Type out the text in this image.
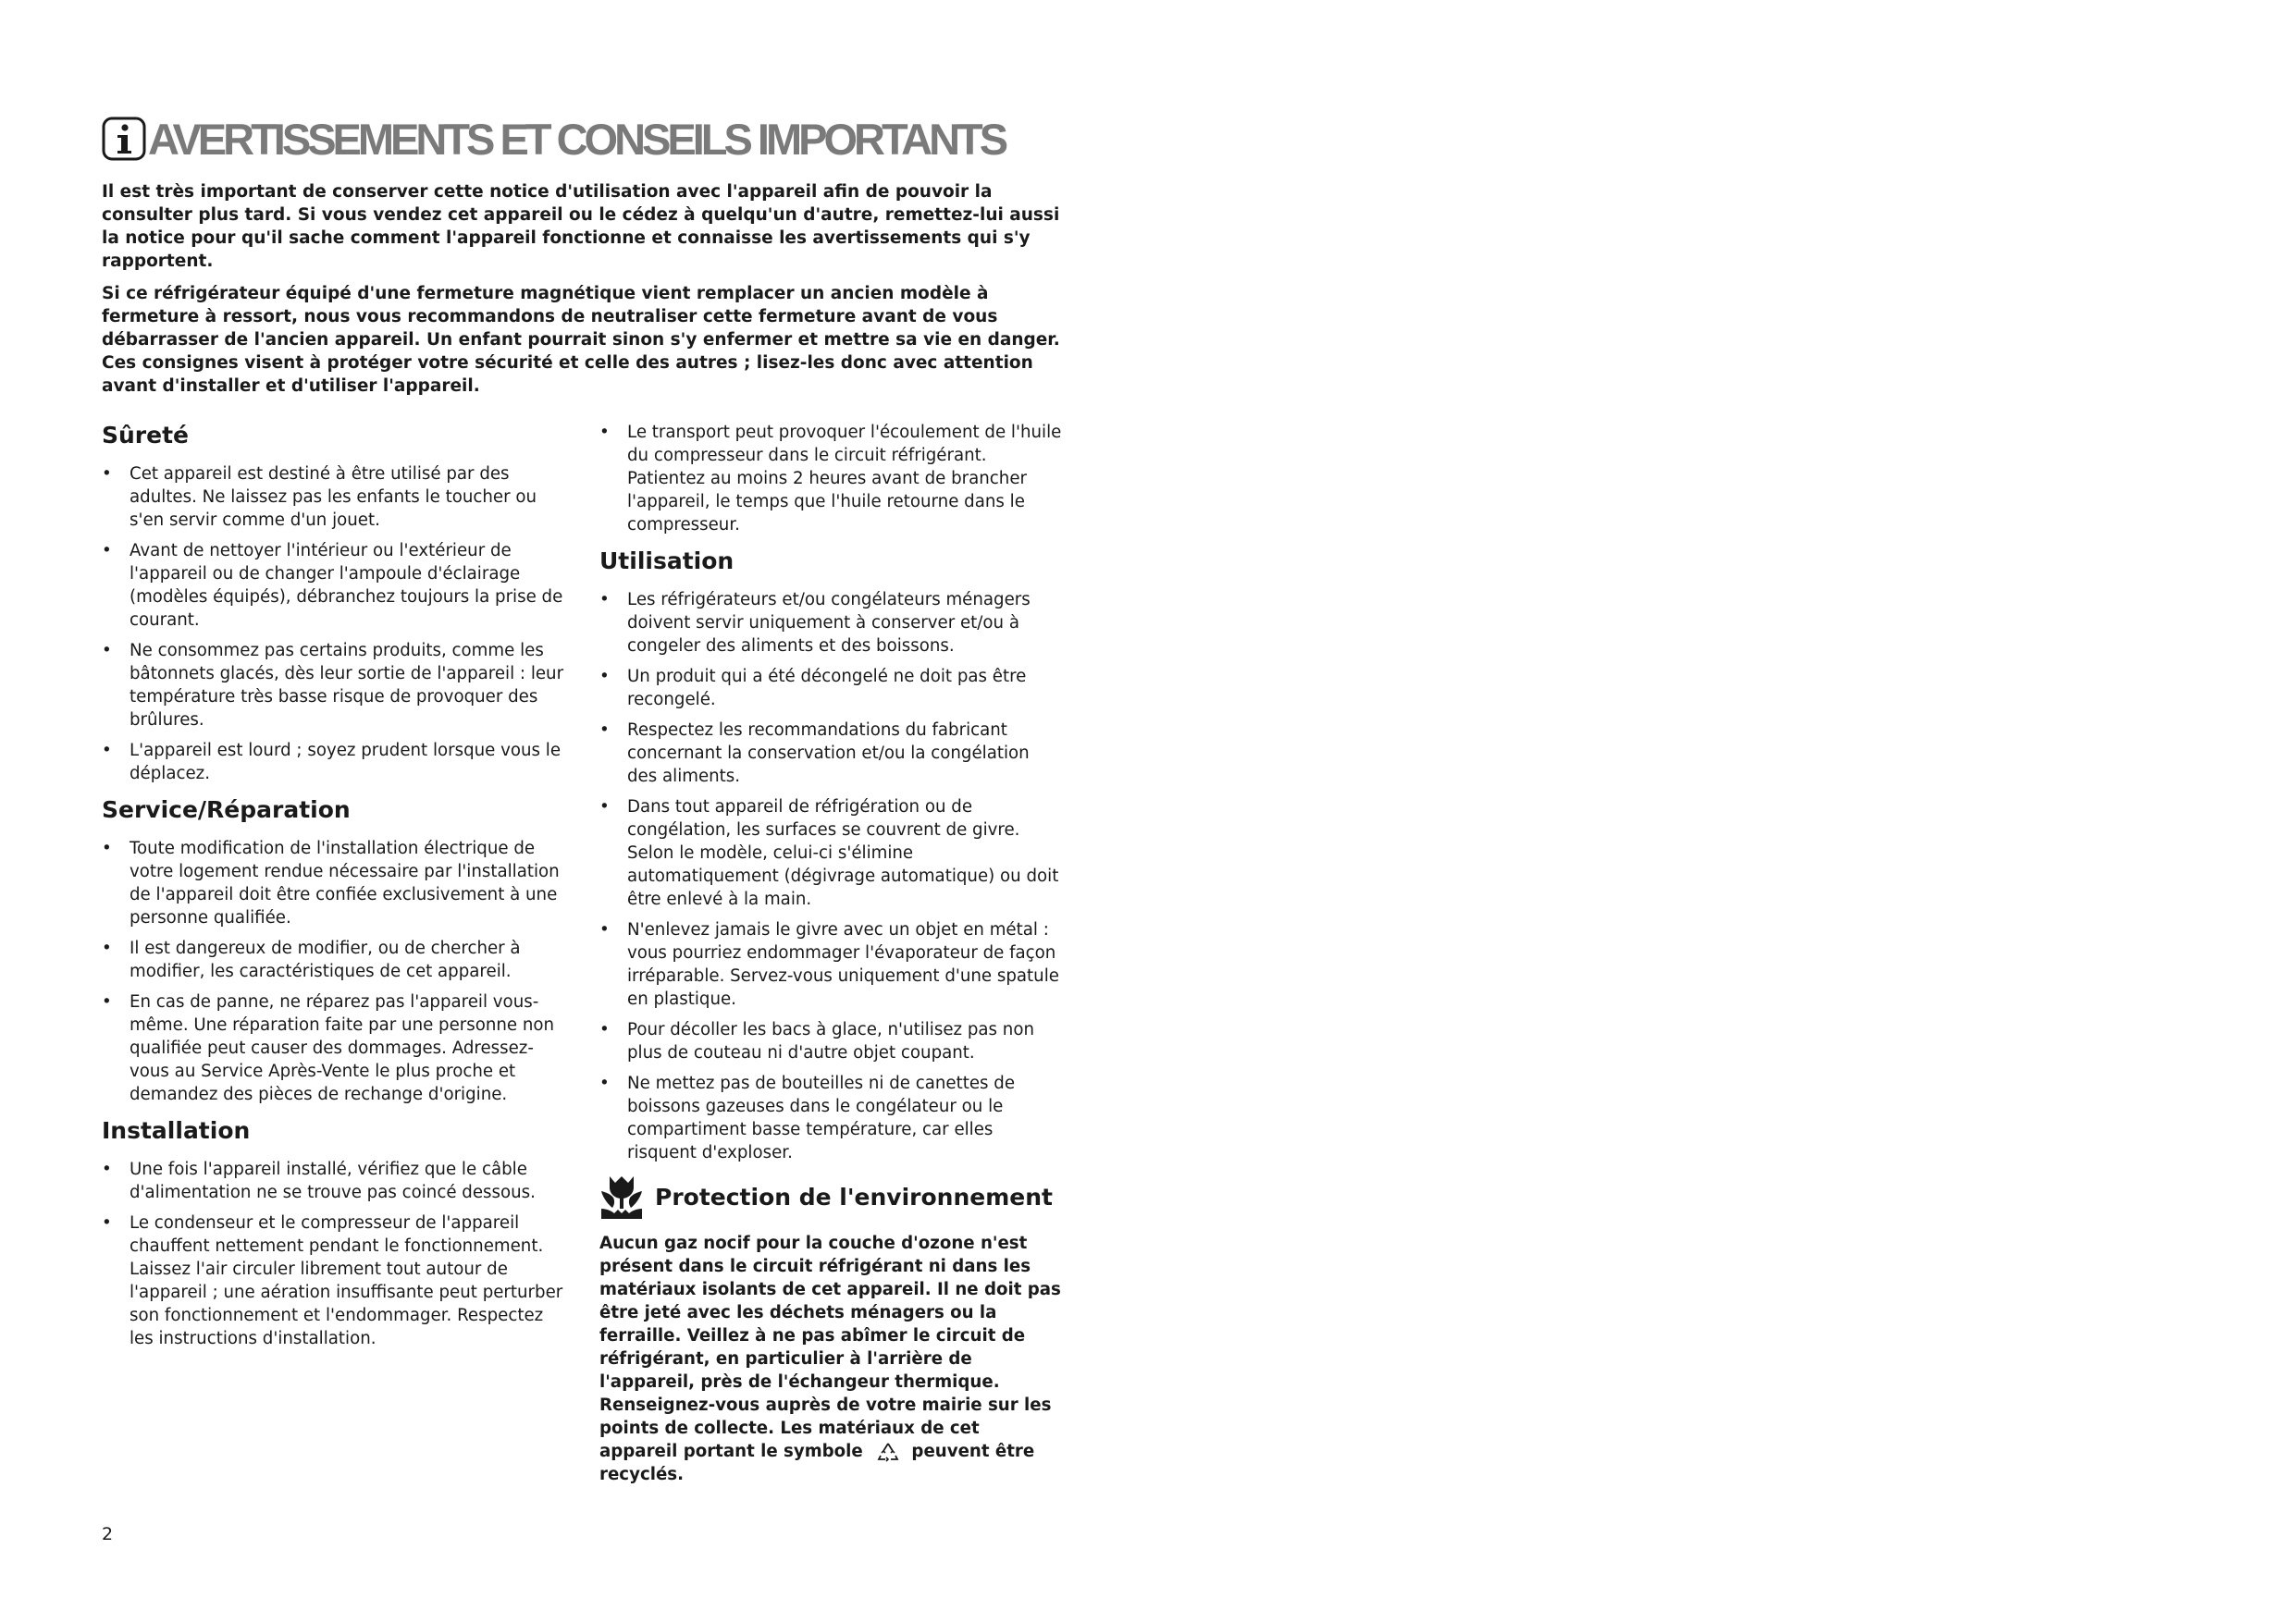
AVERTISSEMENTS ET CONSEILS IMPORTANTS

Il est très important de conserver cette notice d'utilisation avec l'appareil afin de pouvoir la consulter plus tard. Si vous vendez cet appareil ou le cédez à quelqu'un d'autre, remettez-lui aussi la notice pour qu'il sache comment l'appareil fonctionne et connaisse les avertissements qui s'y rapportent.

Si ce réfrigérateur équipé d'une fermeture magnétique vient remplacer un ancien modèle à fermeture à ressort, nous vous recommandons de neutraliser cette fermeture avant de vous débarrasser de l'ancien appareil. Un enfant pourrait sinon s'y enfermer et mettre sa vie en danger. Ces consignes visent à protéger votre sécurité et celle des autres ; lisez-les donc avec attention avant d'installer et d'utiliser l'appareil.

Sûreté
• Cet appareil est destiné à être utilisé par des adultes. Ne laissez pas les enfants le toucher ou s'en servir comme d'un jouet.
• Avant de nettoyer l'intérieur ou l'extérieur de l'appareil ou de changer l'ampoule d'éclairage (modèles équipés), débranchez toujours la prise de courant.
• Ne consommez pas certains produits, comme les bâtonnets glacés, dès leur sortie de l'appareil : leur température très basse risque de provoquer des brûlures.
• L'appareil est lourd ; soyez prudent lorsque vous le déplacez.
Service/Réparation
• Toute modification de l'installation électrique de votre logement rendue nécessaire par l'installation de l'appareil doit être confiée exclusivement à une personne qualifiée.
• Il est dangereux de modifier, ou de chercher à modifier, les caractéristiques de cet appareil.
• En cas de panne, ne réparez pas l'appareil vous-même. Une réparation faite par une personne non qualifiée peut causer des dommages. Adressez-vous au Service Après-Vente le plus proche et demandez des pièces de rechange d'origine.
Installation
• Une fois l'appareil installé, vérifiez que le câble d'alimentation ne se trouve pas coincé dessous.
• Le condenseur et le compresseur de l'appareil chauffent nettement pendant le fonctionnement. Laissez l'air circuler librement tout autour de l'appareil ; une aération insuffisante peut perturber son fonctionnement et l'endommager. Respectez les instructions d'installation.
• Le transport peut provoquer l'écoulement de l'huile du compresseur dans le circuit réfrigérant. Patientez au moins 2 heures avant de brancher l'appareil, le temps que l'huile retourne dans le compresseur.
Utilisation
• Les réfrigérateurs et/ou congélateurs ménagers doivent servir uniquement à conserver et/ou à congeler des aliments et des boissons.
• Un produit qui a été décongelé ne doit pas être recongelé.
• Respectez les recommandations du fabricant concernant la conservation et/ou la congélation des aliments.
• Dans tout appareil de réfrigération ou de congélation, les surfaces se couvrent de givre. Selon le modèle, celui-ci s'élimine automatiquement (dégivrage automatique) ou doit être enlevé à la main.
• N'enlevez jamais le givre avec un objet en métal : vous pourriez endommager l'évaporateur de façon irréparable. Servez-vous uniquement d'une spatule en plastique.
• Pour décoller les bacs à glace, n'utilisez pas non plus de couteau ni d'autre objet coupant.
• Ne mettez pas de bouteilles ni de canettes de boissons gazeuses dans le congélateur ou le compartiment basse température, car elles risquent d'exploser.
Protection de l'environnement

Aucun gaz nocif pour la couche d'ozone n'est présent dans le circuit réfrigérant ni dans les matériaux isolants de cet appareil. Il ne doit pas être jeté avec les déchets ménagers ou la ferraille. Veillez à ne pas abîmer le circuit de réfrigérant, en particulier à l'arrière de l'appareil, près de l'échangeur thermique. Renseignez-vous auprès de votre mairie sur les points de collecte. Les matériaux de cet appareil portant le symbole	peuvent être recyclés.

2
